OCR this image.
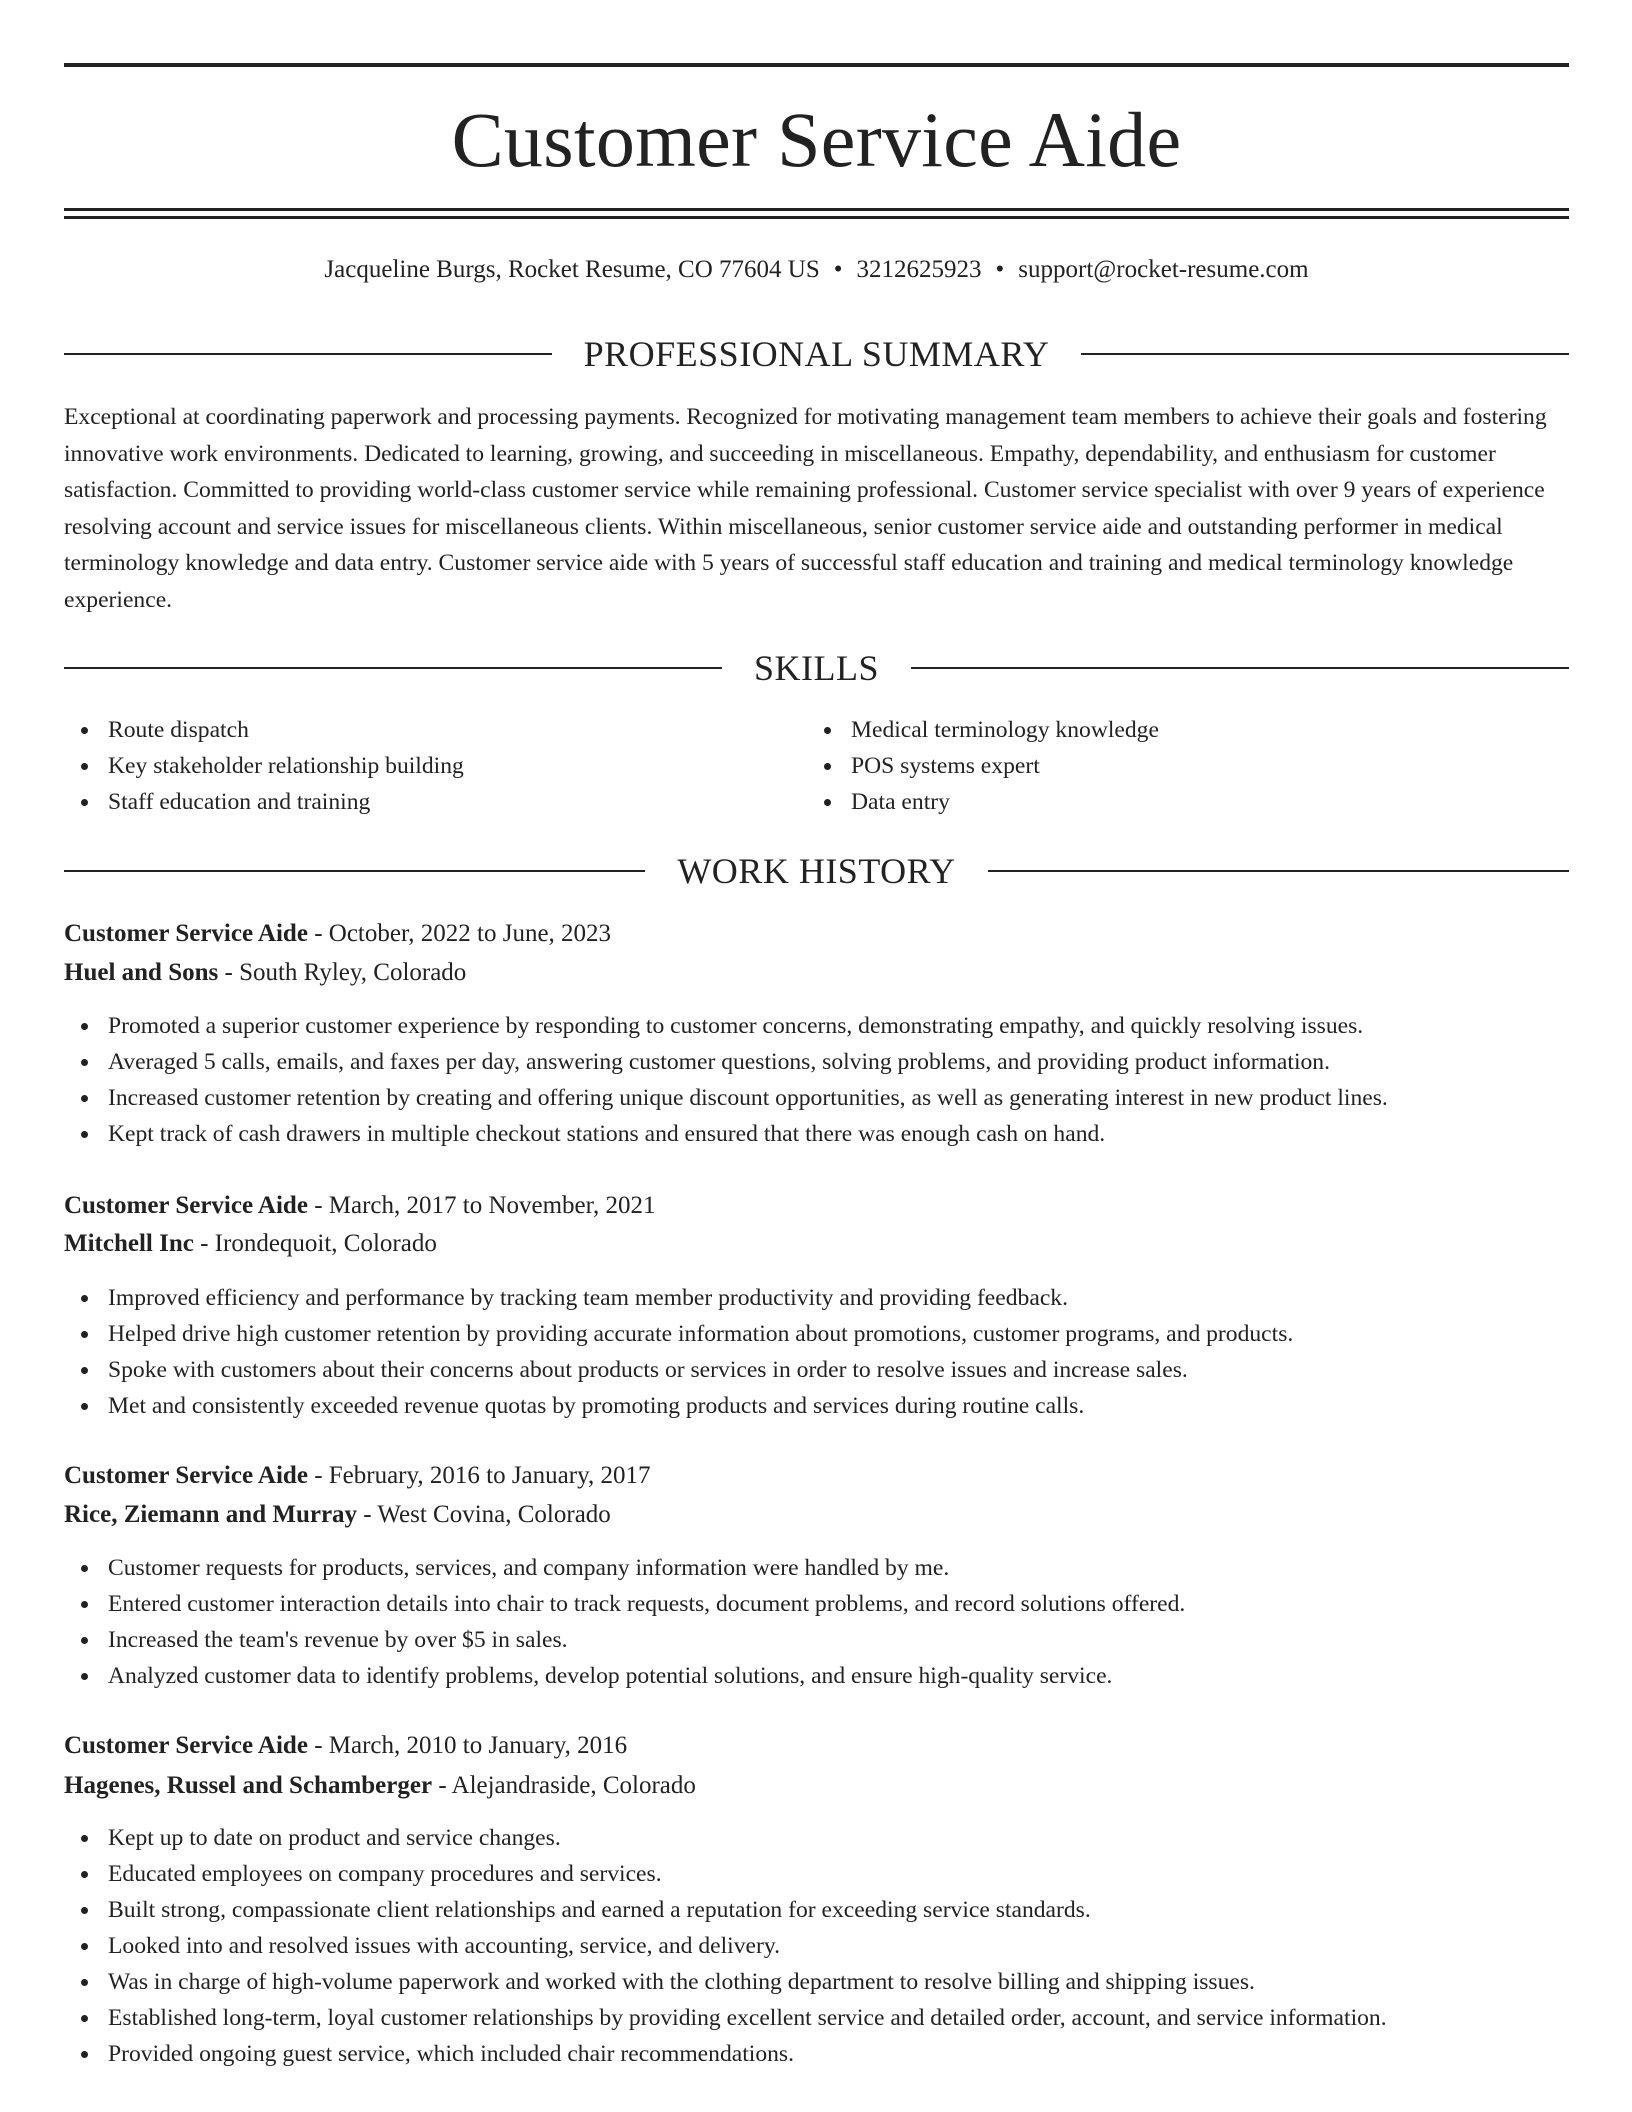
Customer Service Aide
Jacqueline Burgs, Rocket Resume, CO 77604 US • 3212625923 • support@rocket-resume.com
PROFESSIONAL SUMMARY

Exceptional at coordinating paperwork and processing payments. Recognized for motivating management team members to achieve their goals and fostering innovative work environments. Dedicated to learning, growing, and succeeding in miscellaneous. Empathy, dependability, and enthusiasm for customer satisfaction. Committed to providing world-class customer service while remaining professional. Customer service specialist with over 9 years of experience resolving account and service issues for miscellaneous clients. Within miscellaneous, senior customer service aide and outstanding performer in medical terminology knowledge and data entry. Customer service aide with 5 years of successful staff education and training and medical terminology knowledge experience.

SKILLS
Route dispatch
Key stakeholder relationship building
Staff education and training
Medical terminology knowledge
POS systems expert
Data entry
WORK HISTORY
Customer Service Aide - October, 2022 to June, 2023
Huel and Sons - South Ryley, Colorado
Promoted a superior customer experience by responding to customer concerns, demonstrating empathy, and quickly resolving issues.
Averaged 5 calls, emails, and faxes per day, answering customer questions, solving problems, and providing product information.
Increased customer retention by creating and offering unique discount opportunities, as well as generating interest in new product lines.
Kept track of cash drawers in multiple checkout stations and ensured that there was enough cash on hand.
Customer Service Aide - March, 2017 to November, 2021
Mitchell Inc - Irondequoit, Colorado
Improved efficiency and performance by tracking team member productivity and providing feedback.
Helped drive high customer retention by providing accurate information about promotions, customer programs, and products.
Spoke with customers about their concerns about products or services in order to resolve issues and increase sales.
Met and consistently exceeded revenue quotas by promoting products and services during routine calls.
Customer Service Aide - February, 2016 to January, 2017
Rice, Ziemann and Murray - West Covina, Colorado
Customer requests for products, services, and company information were handled by me.
Entered customer interaction details into chair to track requests, document problems, and record solutions offered.
Increased the team's revenue by over $5 in sales.
Analyzed customer data to identify problems, develop potential solutions, and ensure high-quality service.
Customer Service Aide - March, 2010 to January, 2016
Hagenes, Russel and Schamberger - Alejandraside, Colorado
Kept up to date on product and service changes.
Educated employees on company procedures and services.
Built strong, compassionate client relationships and earned a reputation for exceeding service standards.
Looked into and resolved issues with accounting, service, and delivery.
Was in charge of high-volume paperwork and worked with the clothing department to resolve billing and shipping issues.
Established long-term, loyal customer relationships by providing excellent service and detailed order, account, and service information.
Provided ongoing guest service, which included chair recommendations.
